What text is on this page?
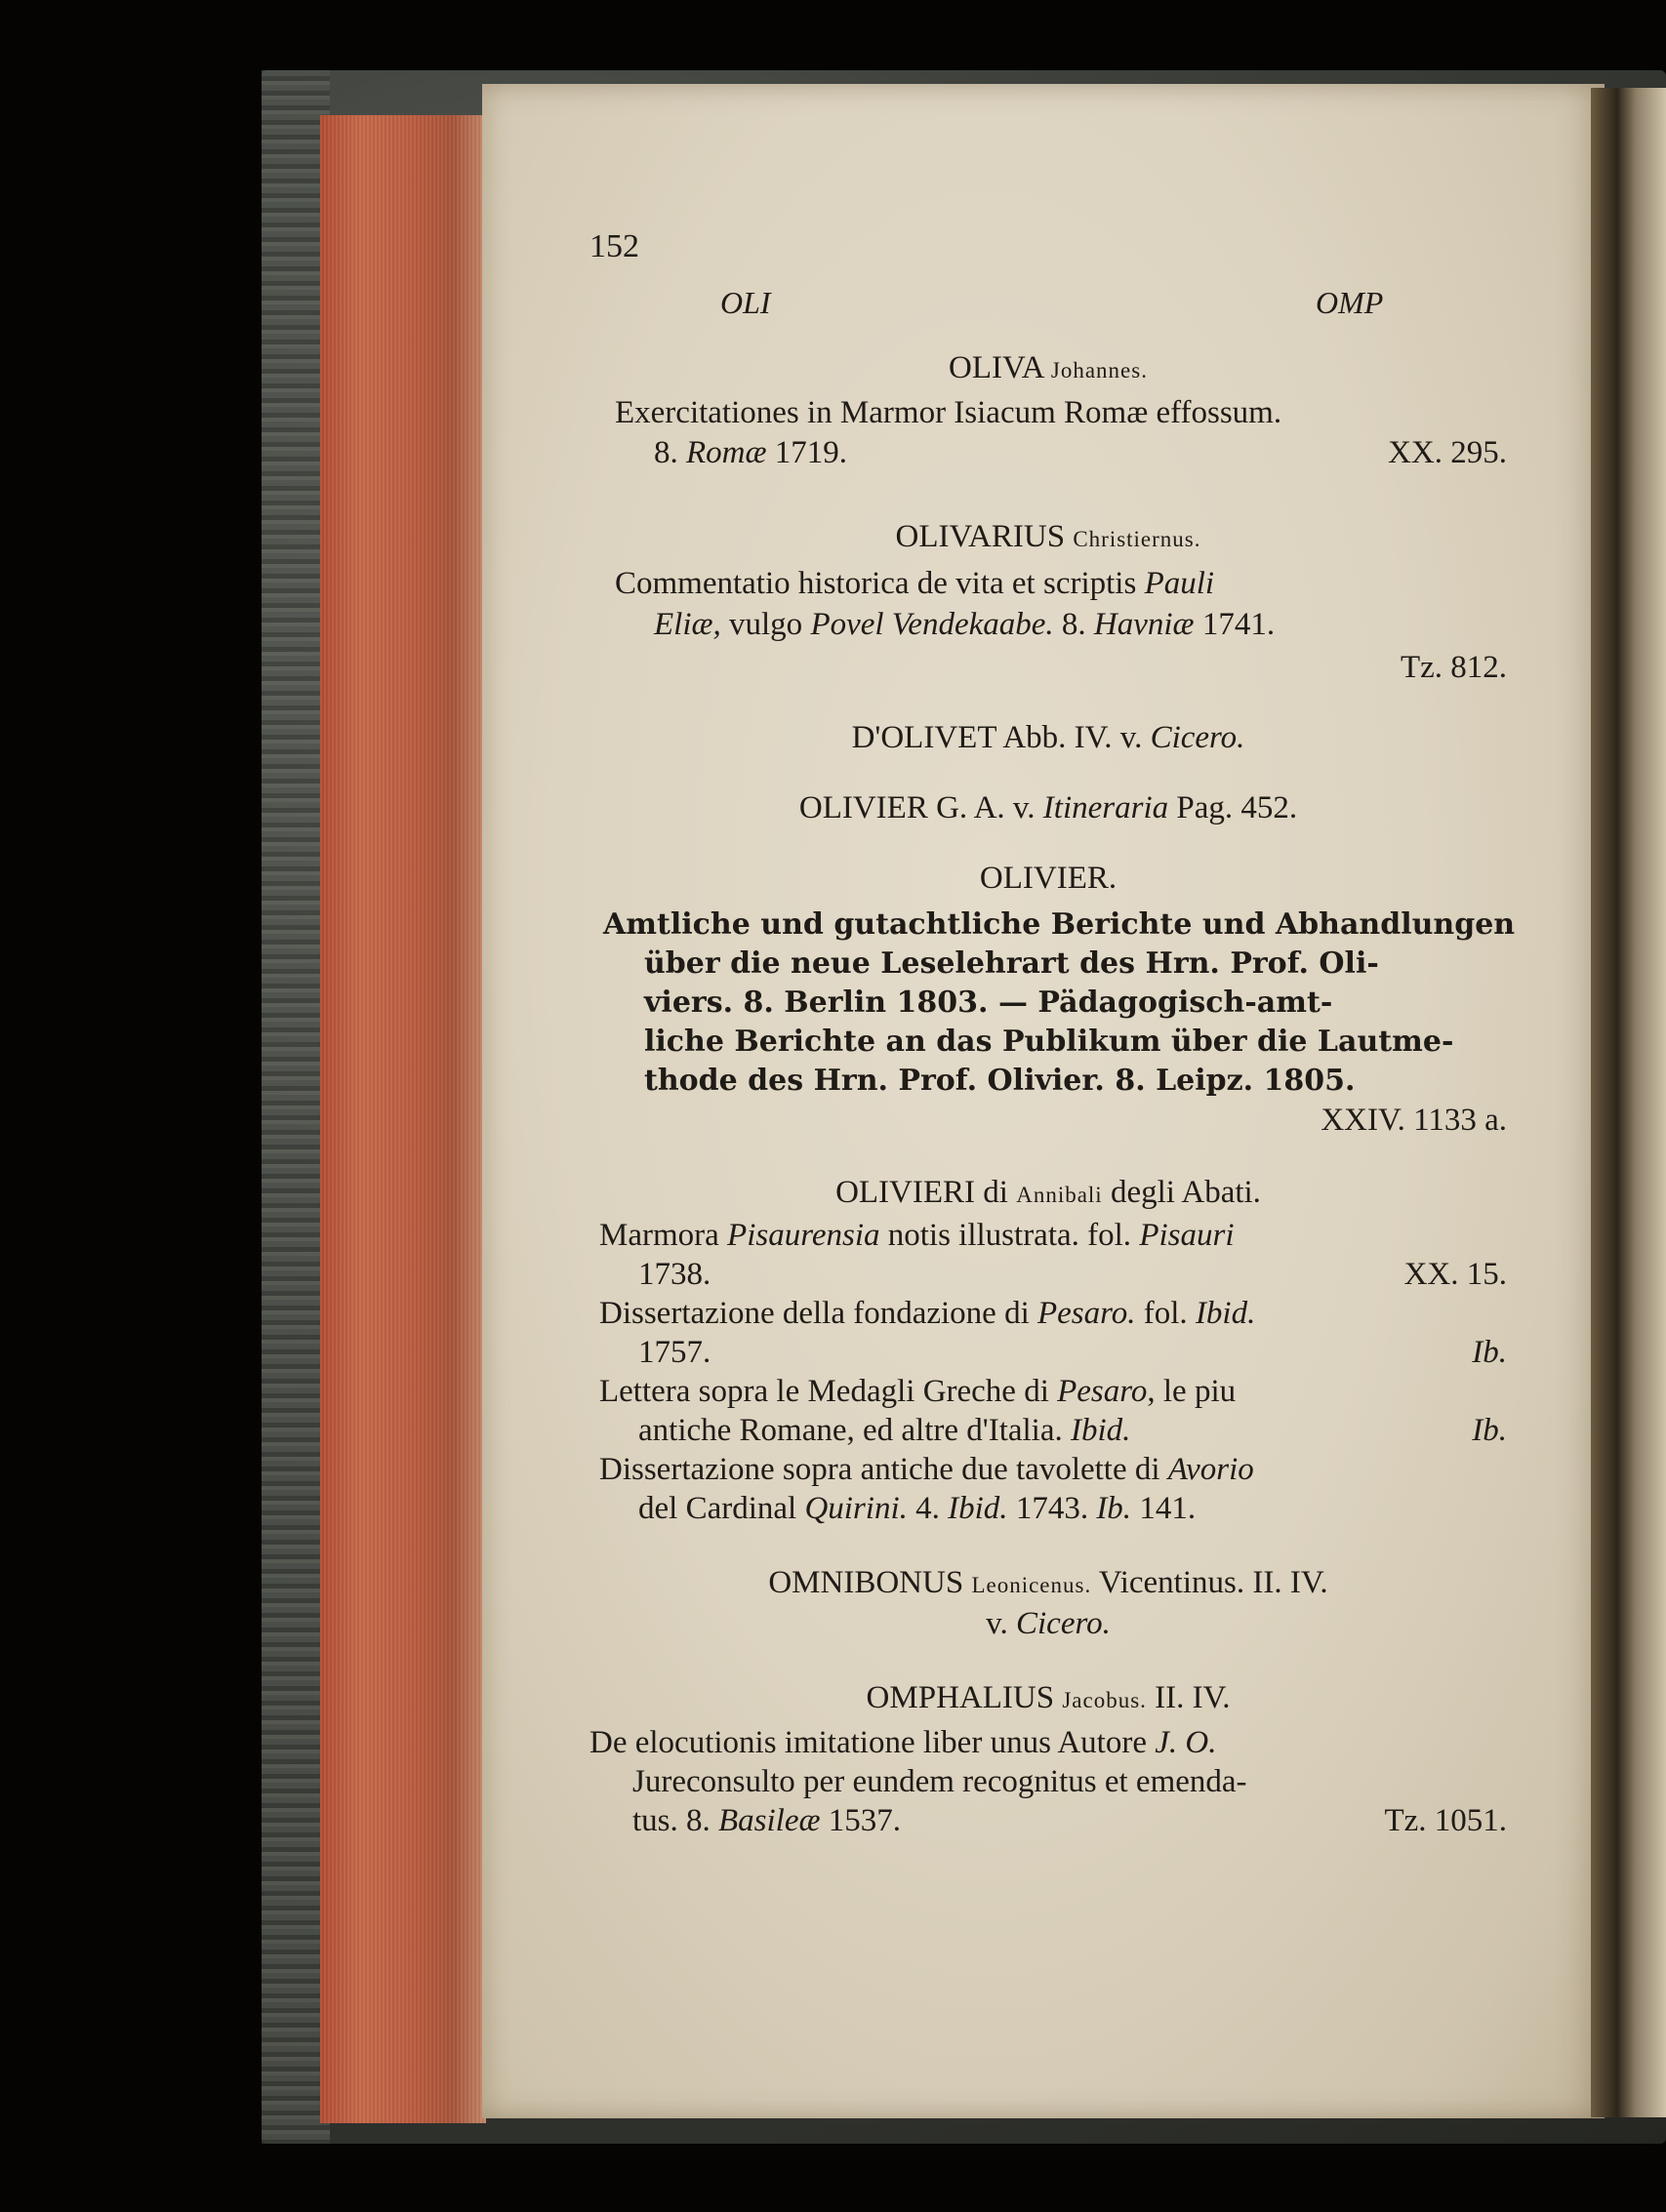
152
OLI	OMP
OLIVA Johannes.
Exercitationes in Marmor Isiacum Romæ effossum.
8. Romæ 1719.	XX. 295.
OLIVARIUS Christiernus.
Commentatio historica de vita et scriptis Pauli
Eliæ, vulgo Povel Vendekaabe. 8. Havniæ 1741.
Tz. 812.
D'OLIVET Abb. IV. v. Cicero.
OLIVIER G. A. v. Itineraria Pag. 452.
OLIVIER.
Amtliche und gutachtliche Berichte und Abhandlungen
über die neue Leselehrart des Hrn. Prof. Oli-
viers. 8. Berlin 1803. — Pädagogisch-amt-
liche Berichte an das Publikum über die Lautme-
thode des Hrn. Prof. Olivier. 8. Leipz. 1805.
XXIV. 1133 a.
OLIVIERI di Annibali degli Abati.
Marmora Pisaurensia notis illustrata. fol. Pisauri
1738.	XX. 15.
Dissertazione della fondazione di Pesaro. fol. Ibid.
1757.	Ib.
Lettera sopra le Medagli Greche di Pesaro, le piu
antiche Romane, ed altre d'Italia. Ibid.	Ib.
Dissertazione sopra antiche due tavolette di Avorio
del Cardinal Quirini. 4. Ibid. 1743. Ib. 141.
OMNIBONUS Leonicenus. Vicentinus. II. IV.
v. Cicero.
OMPHALIUS Jacobus. II. IV.
De elocutionis imitatione liber unus Autore J. O.
Jureconsulto per eundem recognitus et emenda-
tus. 8. Basileæ 1537.	Tz. 1051.
